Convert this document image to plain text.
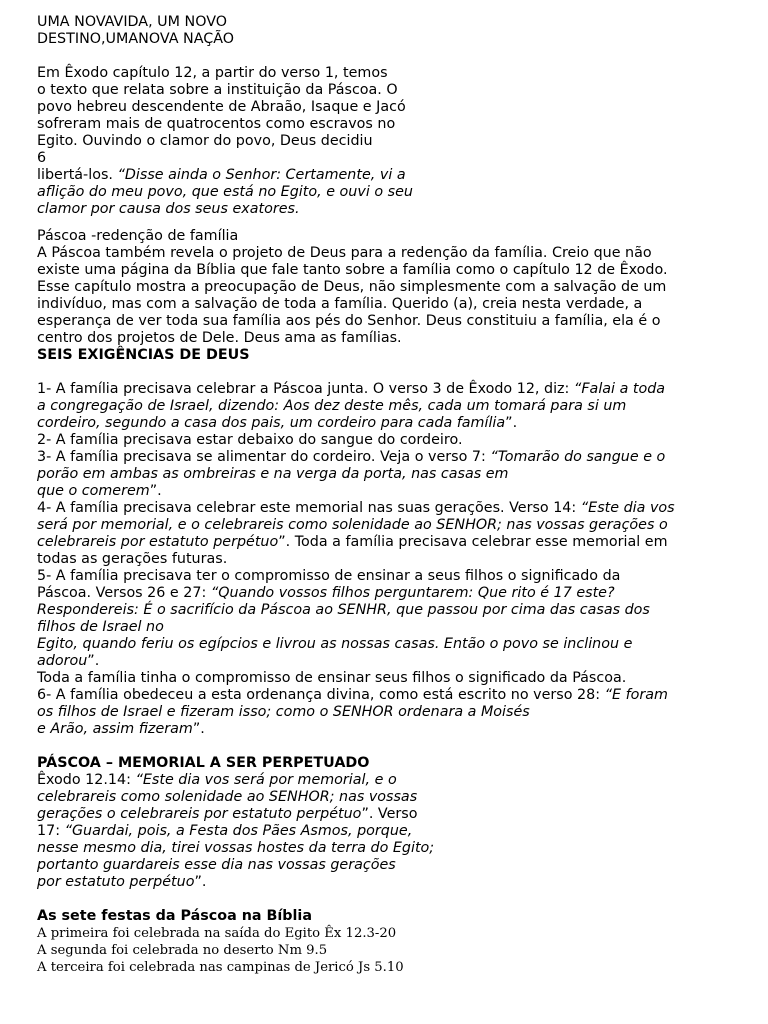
UMA NOVAVIDA, UM NOVO
DESTINO,UMANOVA NAÇÃO
Em Êxodo capítulo 12, a partir do verso 1, temos
o texto que relata sobre a instituição da Páscoa. O
povo hebreu descendente de Abraão, Isaque e Jacó
sofreram mais de quatrocentos como escravos no
Egito. Ouvindo o clamor do povo, Deus decidiu
6
libertá-los. “Disse ainda o Senhor: Certamente, vi a
aflição do meu povo, que está no Egito, e ouvi o seu
clamor por causa dos seus exatores.
Páscoa -redenção de família
A Páscoa também revela o projeto de Deus para a redenção da família. Creio que não
existe uma página da Bíblia que fale tanto sobre a família como o capítulo 12 de Êxodo.
Esse capítulo mostra a preocupação de Deus, não simplesmente com a salvação de um
indivíduo, mas com a salvação de toda a família. Querido (a), creia nesta verdade, a
esperança de ver toda sua família aos pés do Senhor. Deus constituiu a família, ela é o
centro dos projetos de Dele. Deus ama as famílias.
SEIS EXIGÊNCIAS DE DEUS
1- A família precisava celebrar a Páscoa junta. O verso 3 de Êxodo 12, diz: “Falai a toda
a congregação de Israel, dizendo: Aos dez deste mês, cada um tomará para si um
cordeiro, segundo a casa dos pais, um cordeiro para cada família”.
2- A família precisava estar debaixo do sangue do cordeiro.
3- A família precisava se alimentar do cordeiro. Veja o verso 7: “Tomarão do sangue e o
porão em ambas as ombreiras e na verga da porta, nas casas em
que o comerem”.
4- A família precisava celebrar este memorial nas suas gerações. Verso 14: “Este dia vos
será por memorial, e o celebrareis como solenidade ao SENHOR; nas vossas gerações o
celebrareis por estatuto perpétuo”. Toda a família precisava celebrar esse memorial em
todas as gerações futuras.
5- A família precisava ter o compromisso de ensinar a seus filhos o significado da
Páscoa. Versos 26 e 27: “Quando vossos filhos perguntarem: Que rito é 17 este?
Respondereis: É o sacrifício da Páscoa ao SENHR, que passou por cima das casas dos
filhos de Israel no
Egito, quando feriu os egípcios e livrou as nossas casas. Então o povo se inclinou e
adorou”.
Toda a família tinha o compromisso de ensinar seus filhos o significado da Páscoa.
6- A família obedeceu a esta ordenança divina, como está escrito no verso 28: “E foram
os filhos de Israel e fizeram isso; como o SENHOR ordenara a Moisés
e Arão, assim fizeram”.
PÁSCOA – MEMORIAL A SER PERPETUADO
Êxodo 12.14: “Este dia vos será por memorial, e o
celebrareis como solenidade ao SENHOR; nas vossas
gerações o celebrareis por estatuto perpétuo”. Verso
17: “Guardai, pois, a Festa dos Pães Asmos, porque,
nesse mesmo dia, tirei vossas hostes da terra do Egito;
portanto guardareis esse dia nas vossas gerações
por estatuto perpétuo”.
As sete festas da Páscoa na Bíblia
A primeira foi celebrada na saída do Egito Êx 12.3-20
A segunda foi celebrada no deserto Nm 9.5
A terceira foi celebrada nas campinas de Jericó Js 5.10
